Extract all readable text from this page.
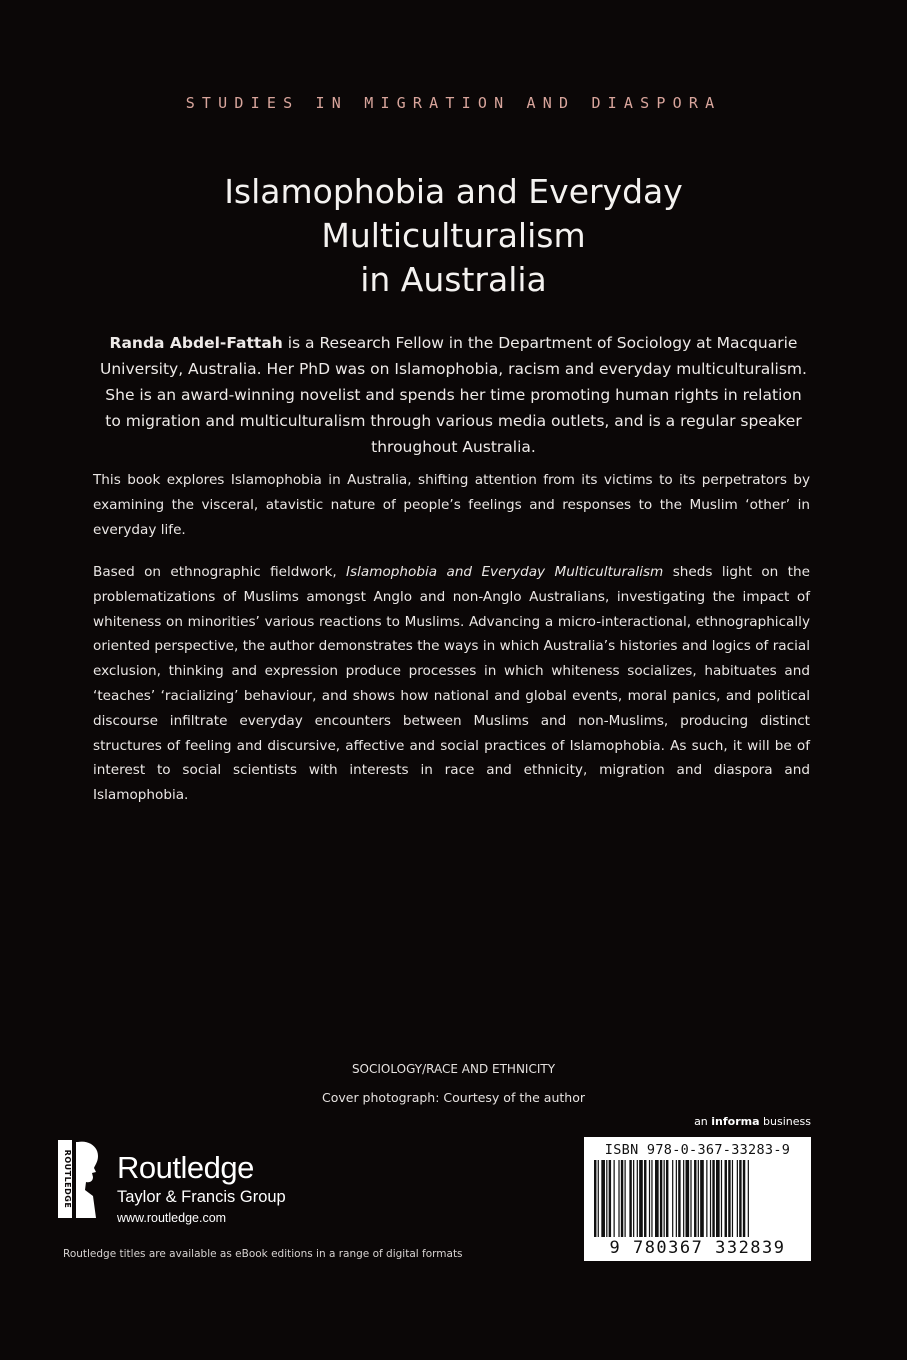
STUDIES IN MIGRATION AND DIASPORA
Islamophobia and Everyday
Multiculturalism
in Australia
Randa Abdel-Fattah is a Research Fellow in the Department of Sociology at Macquarie University, Australia. Her PhD was on Islamophobia, racism and everyday multiculturalism. She is an award-winning novelist and spends her time promoting human rights in relation to migration and multiculturalism through various media outlets, and is a regular speaker throughout Australia.
This book explores Islamophobia in Australia, shifting attention from its victims to its perpetrators by examining the visceral, atavistic nature of people’s feelings and responses to the Muslim ‘other’ in everyday life.
Based on ethnographic fieldwork, Islamophobia and Everyday Multiculturalism sheds light on the problematizations of Muslims amongst Anglo and non-Anglo Australians, investigating the impact of whiteness on minorities’ various reactions to Muslims. Advancing a micro-interactional, ethnographically oriented perspective, the author demonstrates the ways in which Australia’s histories and logics of racial exclusion, thinking and expression produce processes in which whiteness socializes, habituates and ‘teaches’ ‘racializing’ behaviour, and shows how national and global events, moral panics, and political discourse infiltrate everyday encounters between Muslims and non-Muslims, producing distinct structures of feeling and discursive, affective and social practices of Islamophobia. As such, it will be of interest to social scientists with interests in race and ethnicity, migration and diaspora and Islamophobia.
SOCIOLOGY/RACE AND ETHNICITY
Cover photograph: Courtesy of the author
an informa business
ROUTLEDGE Routledge
Taylor & Francis Group
www.routledge.com
Routledge titles are available as eBook editions in a range of digital formats
ISBN 978-0-367-33283-9
9 780367 332839
